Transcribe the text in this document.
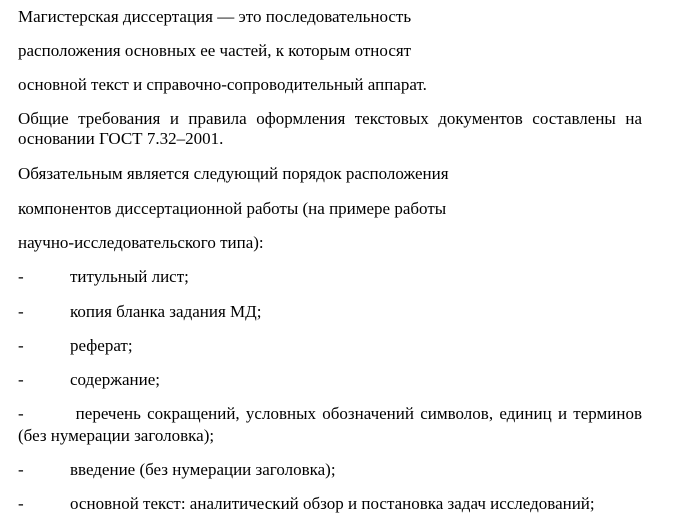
Магистерская диссертация — это последовательность
расположения основных ее частей, к которым относят
основной текст и справочно-сопроводительный аппарат.
Общие требования и правила оформления текстовых документов составлены на основании ГОСТ 7.32–2001.
Обязательным является следующий порядок расположения
компонентов диссертационной работы (на примере работы
научно-исследовательского типа):
-	титульный лист;
-	копия бланка задания МД;
-	реферат;
-	содержание;
-	перечень сокращений, условных обозначений символов, единиц и терминов (без нумерации заголовка);
-	введение (без нумерации заголовка);
-	основной текст: аналитический обзор и постановка задач исследований;
